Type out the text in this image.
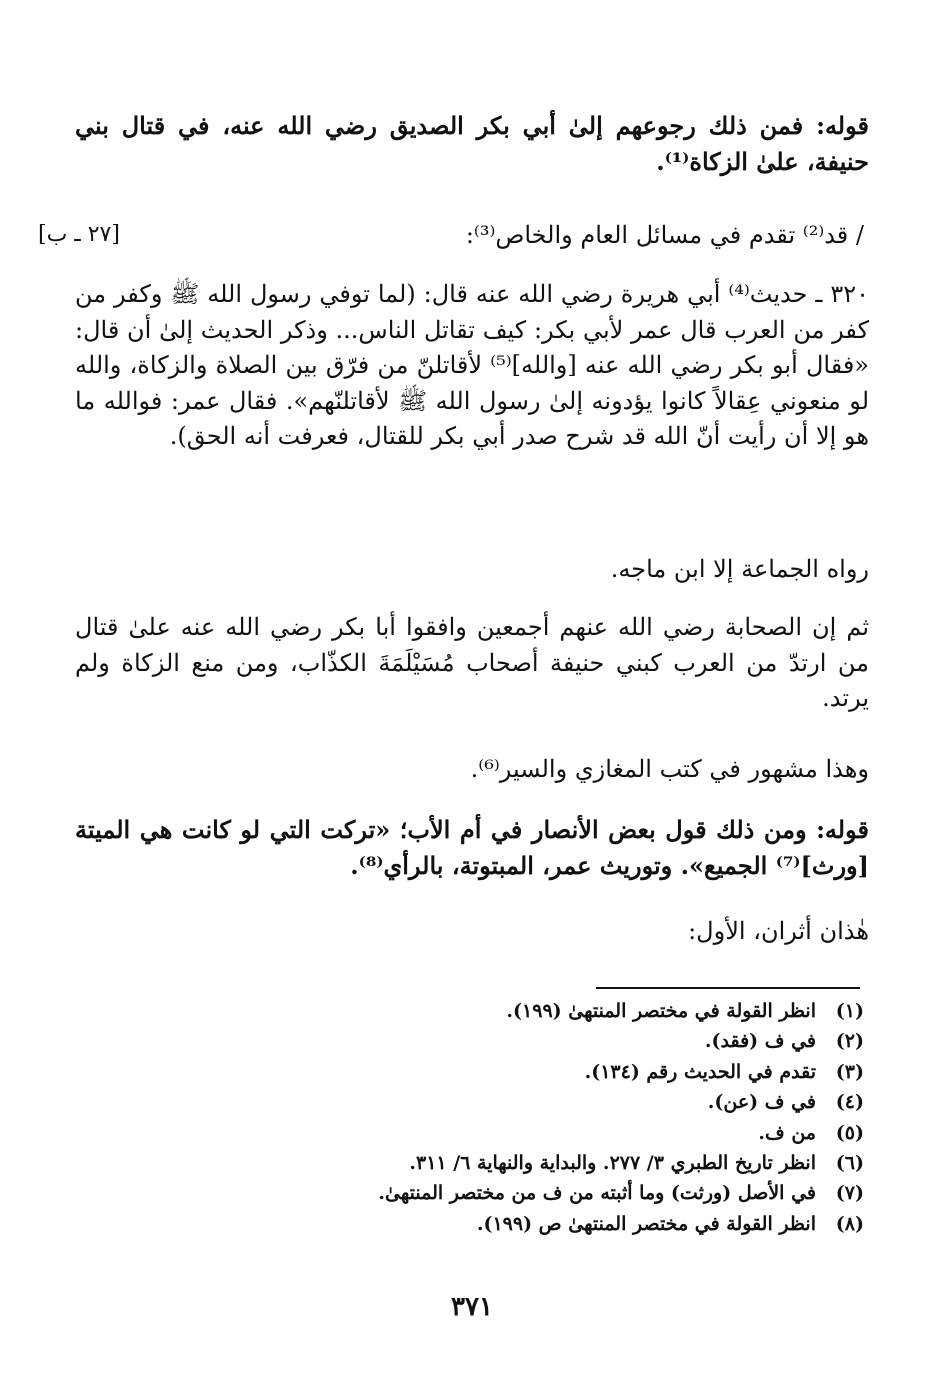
[٢٧ ـ ب]

قوله: فمن ذلك رجوعهم إلىٰ أبي بكر الصديق رضي الله عنه، في قتال بني حنيفة، علىٰ الزكاة⁽¹⁾.

/ قد⁽²⁾ تقدم في مسائل العام والخاص⁽³⁾:

٣٢٠ ـ حديث⁽⁴⁾ أبي هريرة رضي الله عنه قال: (لما توفي رسول الله ﷺ وكفر من كفر من العرب قال عمر لأبي بكر: كيف تقاتل الناس... وذكر الحديث إلىٰ أن قال: «فقال أبو بكر رضي الله عنه [والله]⁽⁵⁾ لأقاتلنّ من فرّق بين الصلاة والزكاة، والله لو منعوني عِقالاً كانوا يؤدونه إلىٰ رسول الله ﷺ لأقاتلنّهم». فقال عمر: فوالله ما هو إلا أن رأيت أنّ الله قد شرح صدر أبي بكر للقتال، فعرفت أنه الحق).

رواه الجماعة إلا ابن ماجه.

ثم إن الصحابة رضي الله عنهم أجمعين وافقوا أبا بكر رضي الله عنه علىٰ قتال من ارتدّ من العرب كبني حنيفة أصحاب مُسَيْلَمَةَ الكذّاب، ومن منع الزكاة ولم يرتد.

وهذا مشهور في كتب المغازي والسير⁽⁶⁾.

قوله: ومن ذلك قول بعض الأنصار في أم الأب؛ «تركت التي لو كانت هي الميتة [ورث]⁽⁷⁾ الجميع». وتوريث عمر، المبتوتة، بالرأي⁽⁸⁾.

هٰذان أثران، الأول:

(١)
انظر القولة في مختصر المنتهىٰ (١٩٩).
(٢)
في ف (فقد).
(٣)
تقدم في الحديث رقم (١٣٤).
(٤)
في ف (عن).
(٥)
من ف.
(٦)
انظر تاريخ الطبري ٣/ ٢٧٧. والبداية والنهاية ٦/ ٣١١.
(٧)
في الأصل (ورثت) وما أثبته من ف من مختصر المنتهىٰ.
(٨)
انظر القولة في مختصر المنتهىٰ ص (١٩٩).
٣٧١
